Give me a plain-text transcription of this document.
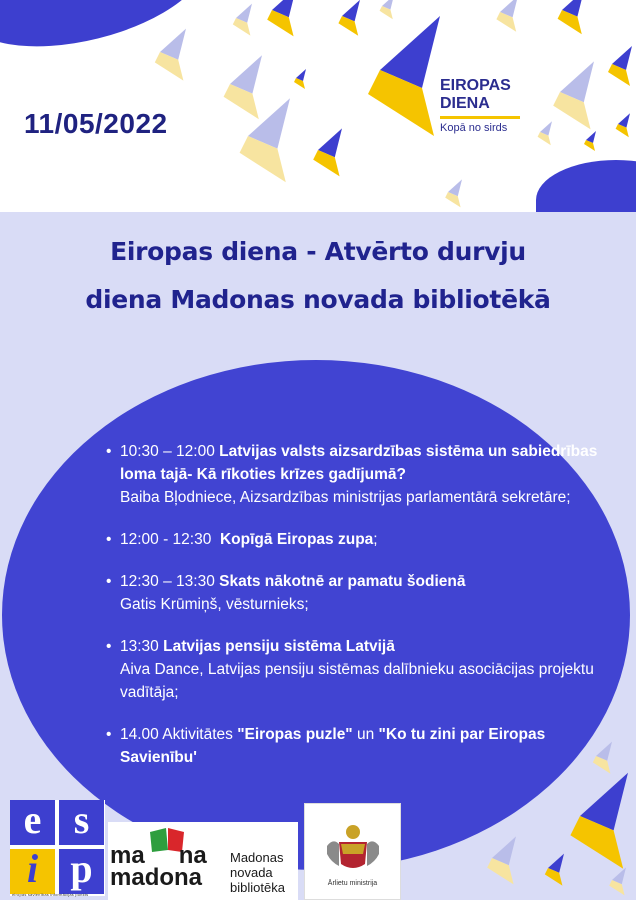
11/05/2022
EIROPAS
DIENA
Kopā no sirds
Eiropas diena - Atvērto durvju
diena Madonas novada bibliotēkā
• 10:30 – 12:00 Latvijas valsts aizsardzības sistēma un sabiedrības loma tajā- Kā rīkoties krīzes gadījumā?
Baiba Bļodniece, Aizsardzības ministrijas parlamentārā sekretāre;
• 12:00 - 12:30 Kopīgā Eiropas zupa;
• 12:30 – 13:30 Skats nākotnē ar pamatu šodienā
Gatis Krūmiņš, vēsturnieks;
• 13:30 Latvijas pensiju sistēma Latvijā
Aiva Dance, Latvijas pensiju sistēmas dalībnieku asociācijas projektu vadītāja;
• 14.00 Aktivitātes "Eiropas puzle" un "Ko tu zini par Eiropas Savienību'
e s
i p
eiropas savienības informācijas punkts
ma na
madona
Madonas
novada
bibliotēka	Ārlietu ministrija
